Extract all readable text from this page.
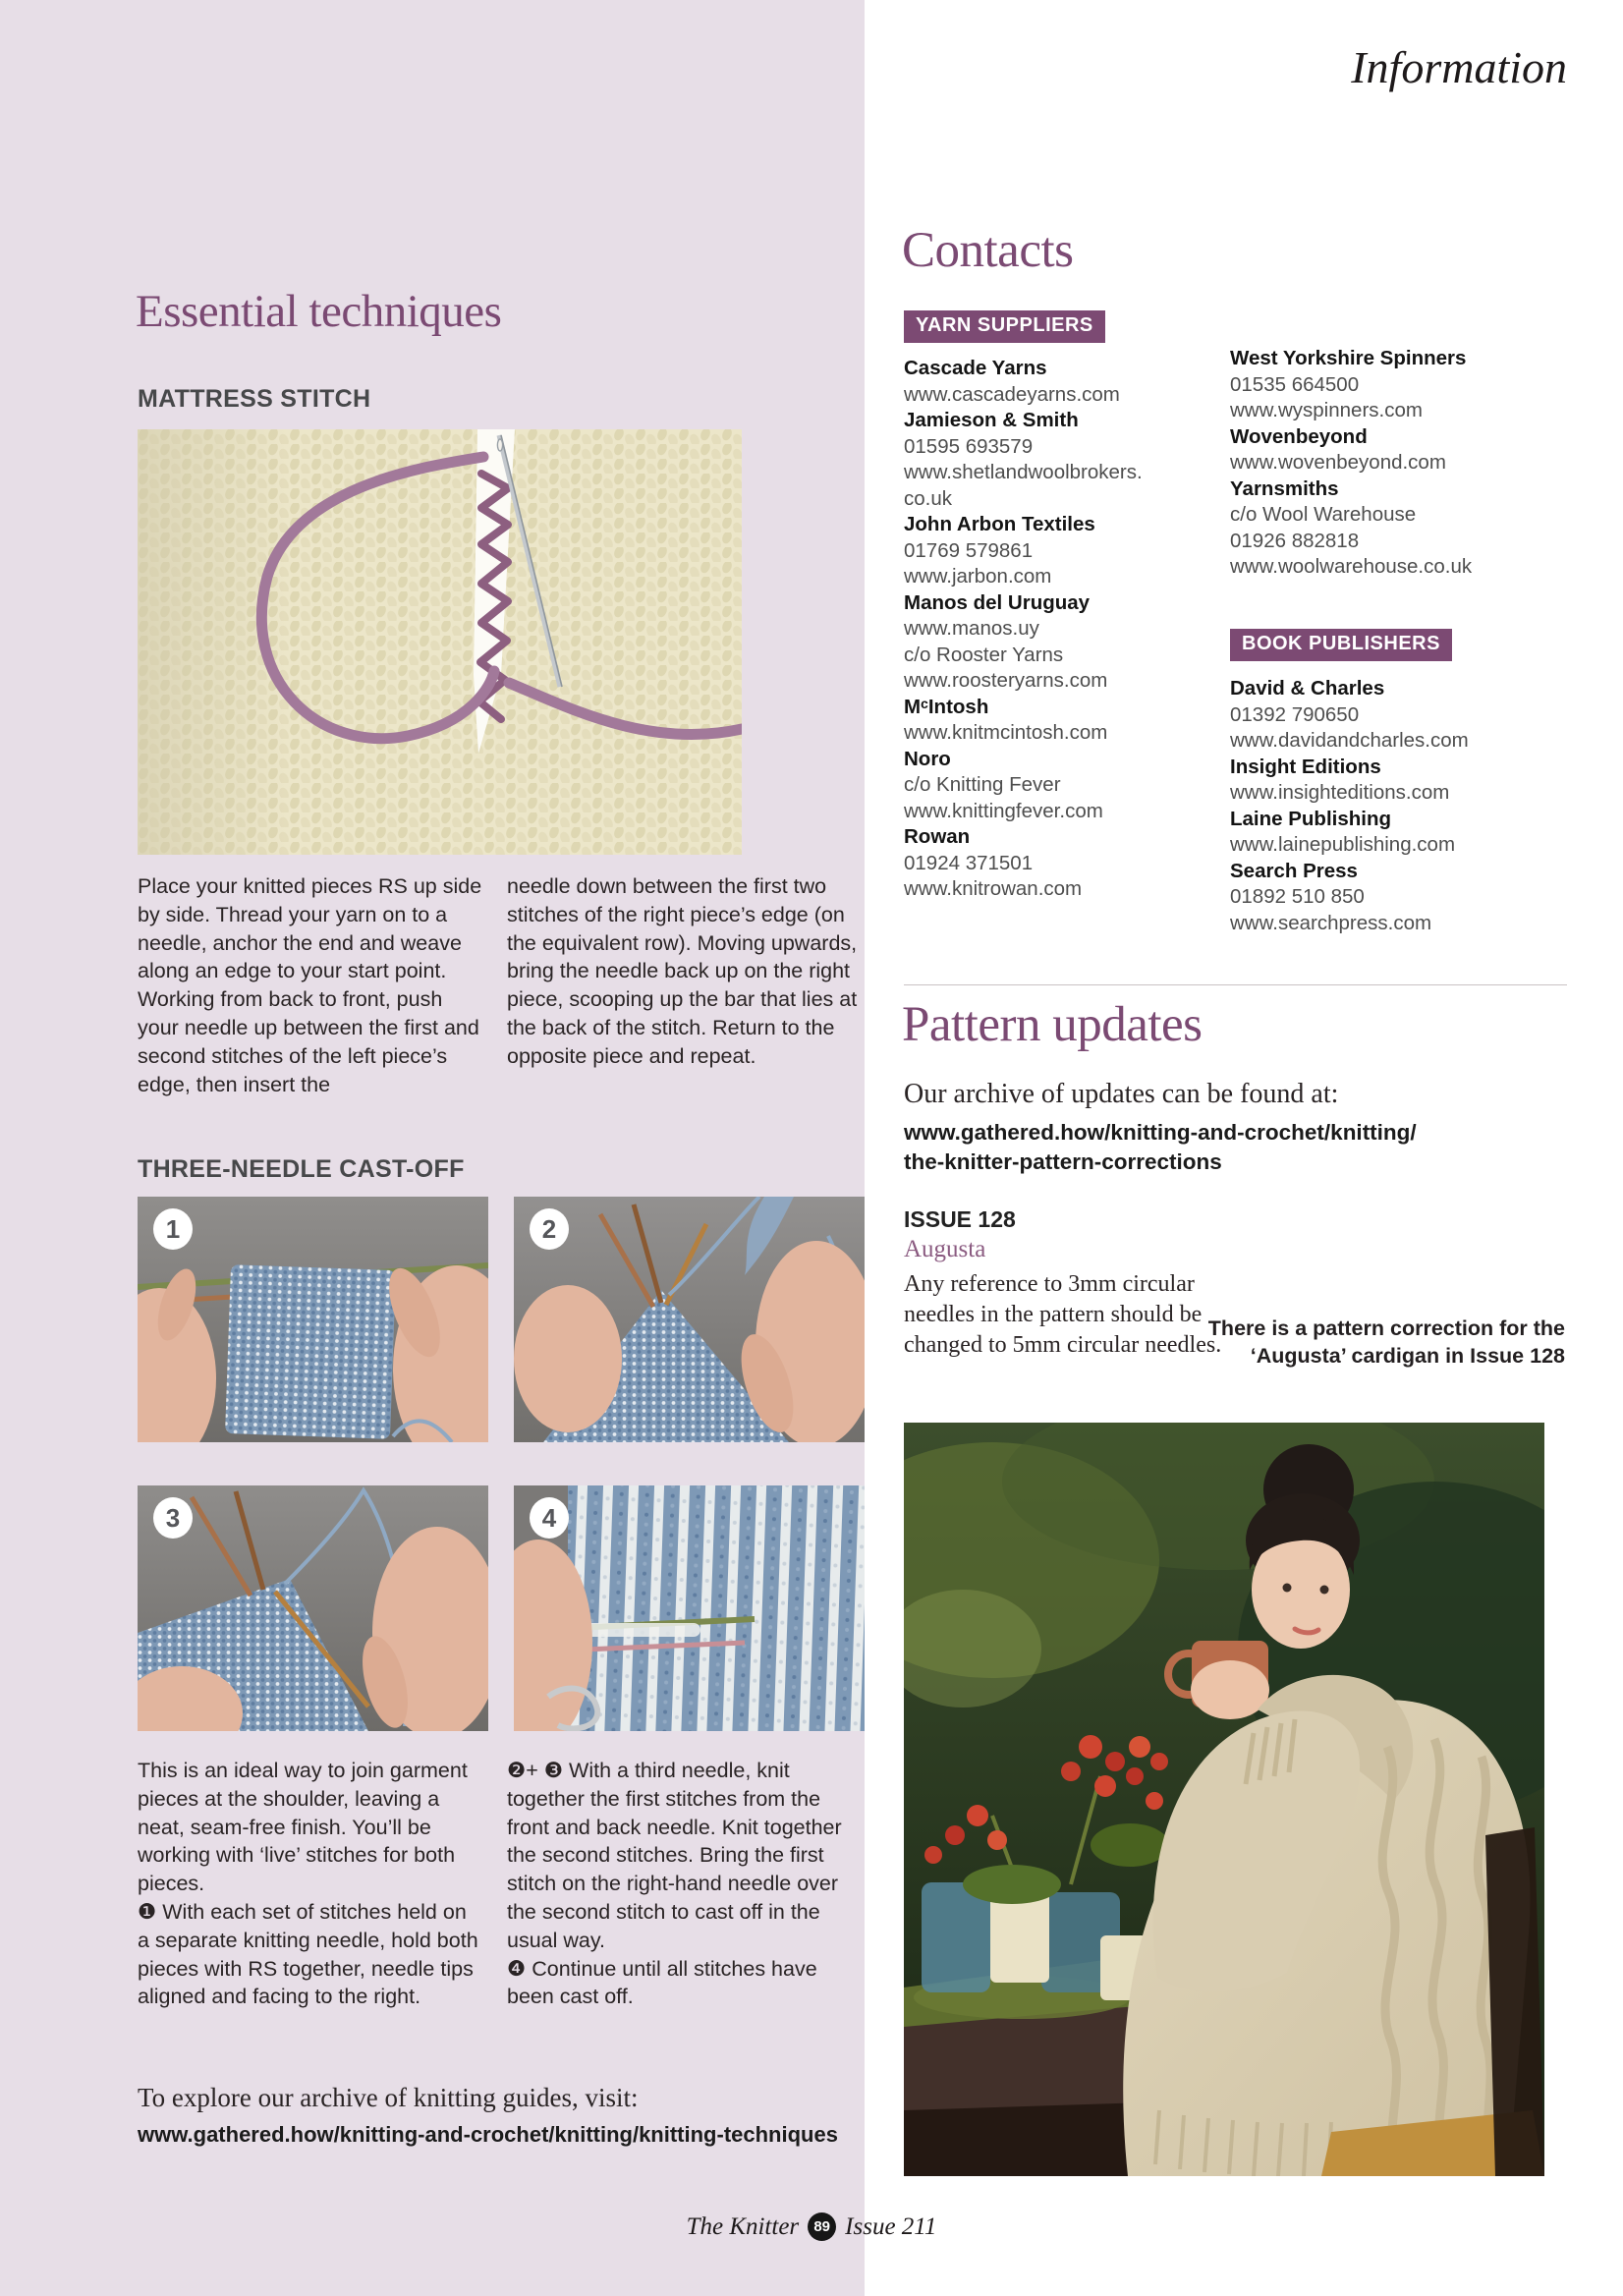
Information
Essential techniques
MATTRESS STITCH

Place your knitted pieces RS up side by side. Thread your yarn on to a needle, anchor the end and weave along an edge to your start point. Working from back to front, push your needle up between the first and second stitches of the left piece’s edge, then insert the

needle down between the first two stitches of the right piece’s edge (on the equivalent row). Moving upwards, bring the needle back up on the right piece, scooping up the bar that lies at the back of the stitch. Return to the opposite piece and repeat.

THREE-NEEDLE CAST-OFF
1	2
3	4

This is an ideal way to join garment pieces at the shoulder, leaving a neat, seam-free finish. You’ll be working with ‘live’ stitches for both pieces.

❶ With each set of stitches held on a separate knitting needle, hold both pieces with RS together, needle tips aligned and facing to the right.

❷+ ❸ With a third needle, knit together the first stitches from the front and back needle. Knit together the second stitches. Bring the first stitch on the right-hand needle over the second stitch to cast off in the usual way.

❹ Continue until all stitches have been cast off.

To explore our archive of knitting guides, visit:
www.gathered.how/knitting-and-crochet/knitting/knitting-techniques
Contacts
YARN SUPPLIERS
Cascade Yarns
www.cascadeyarns.com
Jamieson & Smith
01595 693579
www.shetlandwoolbrokers.
co.uk
John Arbon Textiles
01769 579861
www.jarbon.com
Manos del Uruguay
www.manos.uy
c/o Rooster Yarns
www.roosteryarns.com
MᶜIntosh
www.knitmcintosh.com
Noro
c/o Knitting Fever
www.knittingfever.com
Rowan
01924 371501
www.knitrowan.com
West Yorkshire Spinners
01535 664500
www.wyspinners.com
Wovenbeyond
www.wovenbeyond.com
Yarnsmiths
c/o Wool Warehouse
01926 882818
www.woolwarehouse.co.uk
BOOK PUBLISHERS
David & Charles
01392 790650
www.davidandcharles.com
Insight Editions
www.insighteditions.com
Laine Publishing
www.lainepublishing.com
Search Press
01892 510 850
www.searchpress.com
Pattern updates
Our archive of updates can be found at:
www.gathered.how/knitting-and-crochet/knitting/
the-knitter-pattern-corrections
ISSUE 128
Augusta
Any reference to 3mm circular needles in the pattern should be changed to 5mm circular needles.
There is a pattern correction for the ‘Augusta’ cardigan in Issue 128
The Knitter	89 Issue 211
